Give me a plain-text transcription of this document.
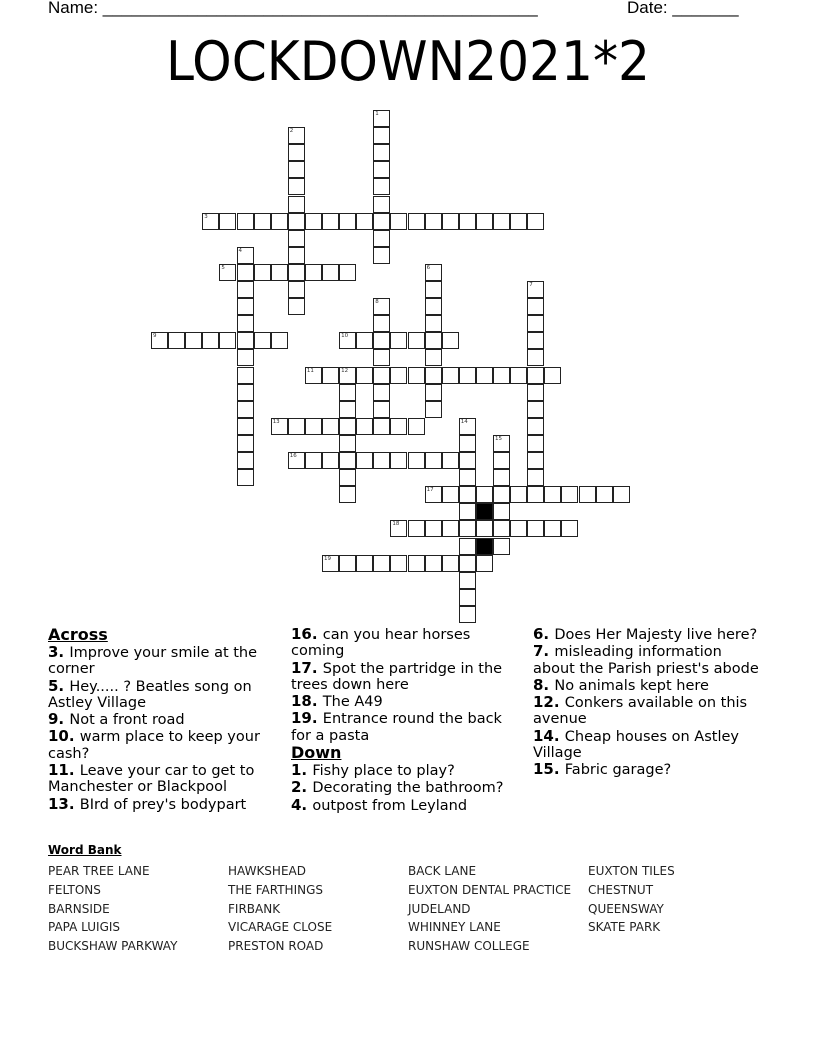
Name: ______________________________________________	Date: _______
LOCKDOWN2021*2
1
2
3
4
5	6
7
8
9	10
11	12
13	14
15
16
17
18
19
Across
3. Improve your smile at the corner
5. Hey..... ? Beatles song on Astley Village
9. Not a front road
10. warm place to keep your cash?
11. Leave your car to get to Manchester or Blackpool
13. BIrd of prey's bodypart
16. can you hear horses coming
17. Spot the partridge in the trees down here
18. The A49
19. Entrance round the back for a pasta
Down
1. Fishy place to play?
2. Decorating the bathroom?
4. outpost from Leyland
6. Does Her Majesty live here?
7. misleading information about the Parish priest's abode
8. No animals kept here
12. Conkers available on this avenue
14. Cheap houses on Astley Village
15. Fabric garage?
Word Bank
PEAR TREE LANE
FELTONS
BARNSIDE
PAPA LUIGIS
BUCKSHAW PARKWAY
HAWKSHEAD
THE FARTHINGS
FIRBANK
VICARAGE CLOSE
PRESTON ROAD
BACK LANE
EUXTON DENTAL PRACTICE
JUDELAND
WHINNEY LANE
RUNSHAW COLLEGE
EUXTON TILES
CHESTNUT
QUEENSWAY
SKATE PARK
